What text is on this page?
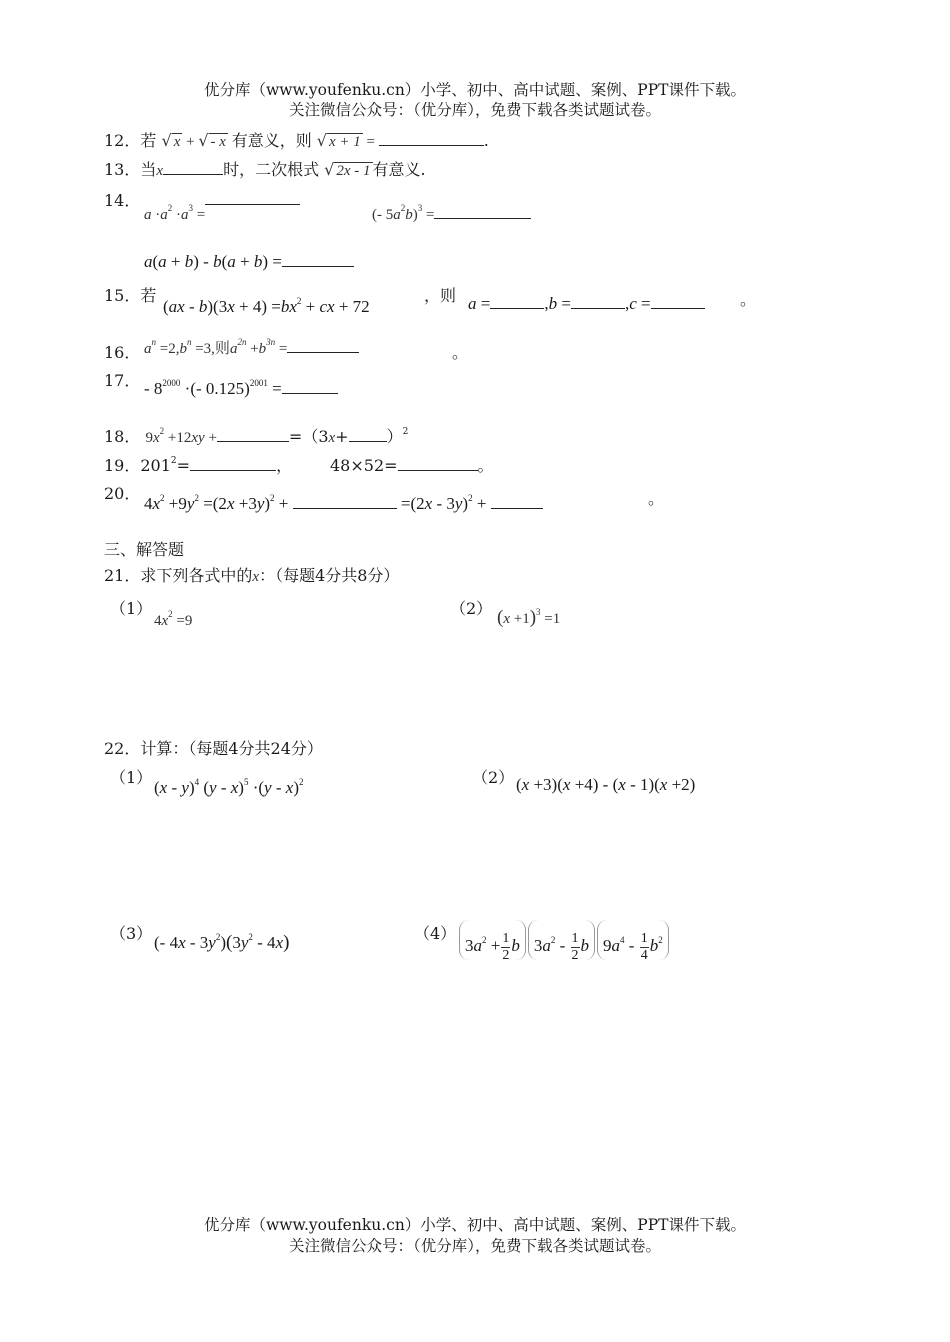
优分库（www.youfenku.cn）小学、初中、高中试题、案例、PPT课件下载。
关注微信公众号：（优分库），免费下载各类试题试卷。
12．若 √ x + √ - x 有意义，则 √ x + 1 =	.
13．当x	时，二次根式 √ 2x - 1 有意义.
14．
$a \cdot a^2 \cdot a^3$ =	(- $5a^2b)^3$ =
a(a + b) - b(a + b) =
15．若
$(ax - b)(3x + 4) =bx^2$ + cx + 72
，则 a =	,b =	,c =	。
16． $a^n =2,b^n =3$,则$a^{2n} +b^{3n}$ =	。
17． - $8^{2000}$ ·(- 0.125)$^{2001}$ =
18． $9x^2 +12xy$ +	$=(3x+ )^2$
19．$201^2=$	， 48×52=	。
20．
$4x^2 +9y^2 =(2x +3y)^2$ +	=(2x - 3y)$^2$ +	。
三、解答题
21．求下列各式中的x：（每题4分共8分）
（1）
$4x^2 =9$
（2） $(x +1)^3 =1$
22．计算：（每题4分共24分）
（1）
(x - y)$^4$ (y - x)$^5$ ·(y - x)$^2$	（2） (x +3)(x +4) - (x - 1)(x +2)
（3） (- $4x - 3y^2)(3y^2 - 4x)$	（4）
$3a^2 + \frac{1}{2}$ b $3a^2 - \frac{1}{2}$ b $9a^4 - \frac{1}{4} b^2$
优分库（www.youfenku.cn）小学、初中、高中试题、案例、PPT课件下载。
关注微信公众号：（优分库），免费下载各类试题试卷。
